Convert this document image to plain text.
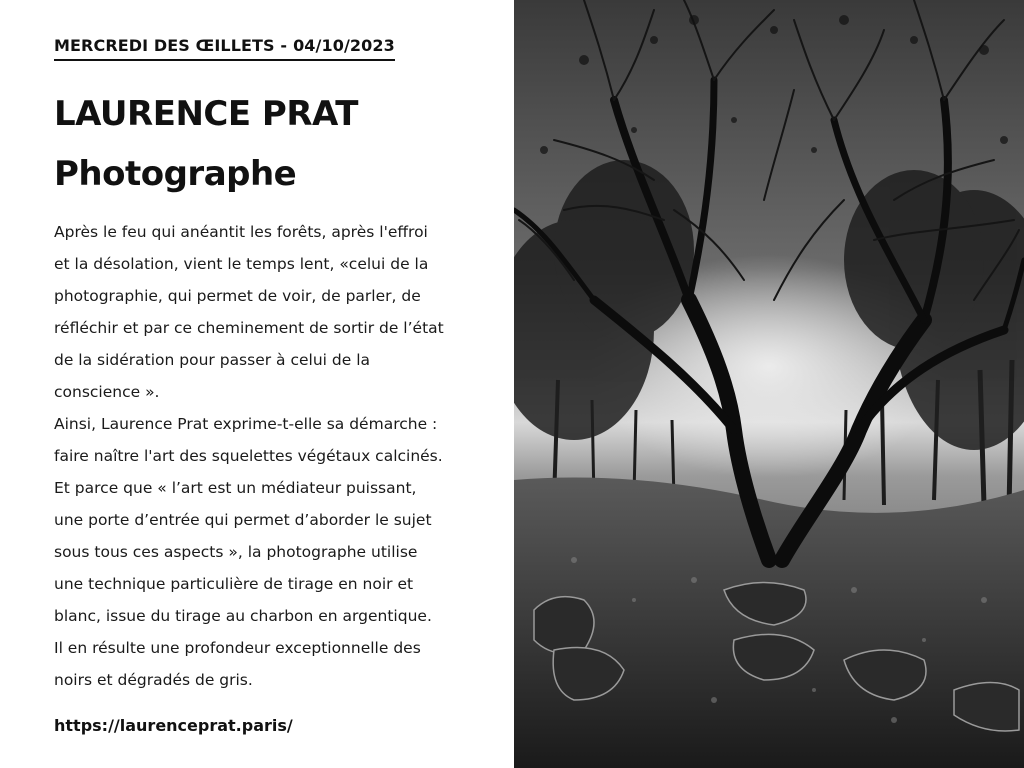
MERCREDI DES ŒILLETS - 04/10/2023
LAURENCE PRAT
Photographe
Après le feu qui anéantit les forêts, après l'effroi
et la désolation, vient le temps lent, «celui de la
photographie, qui permet de voir, de parler, de
réfléchir et par ce cheminement de sortir de l’état
de la sidération pour passer à celui de la
conscience ».
Ainsi, Laurence Prat exprime-t-elle sa démarche :
faire naître l'art des squelettes végétaux calcinés.
Et parce que « l’art est un médiateur puissant,
une porte d’entrée qui permet d’aborder le sujet
sous tous ces aspects », la photographe utilise
une technique particulière de tirage en noir et
blanc, issue du tirage au charbon en argentique.
Il en résulte une profondeur exceptionnelle des
noirs et dégradés de gris.
https://laurenceprat.paris/
